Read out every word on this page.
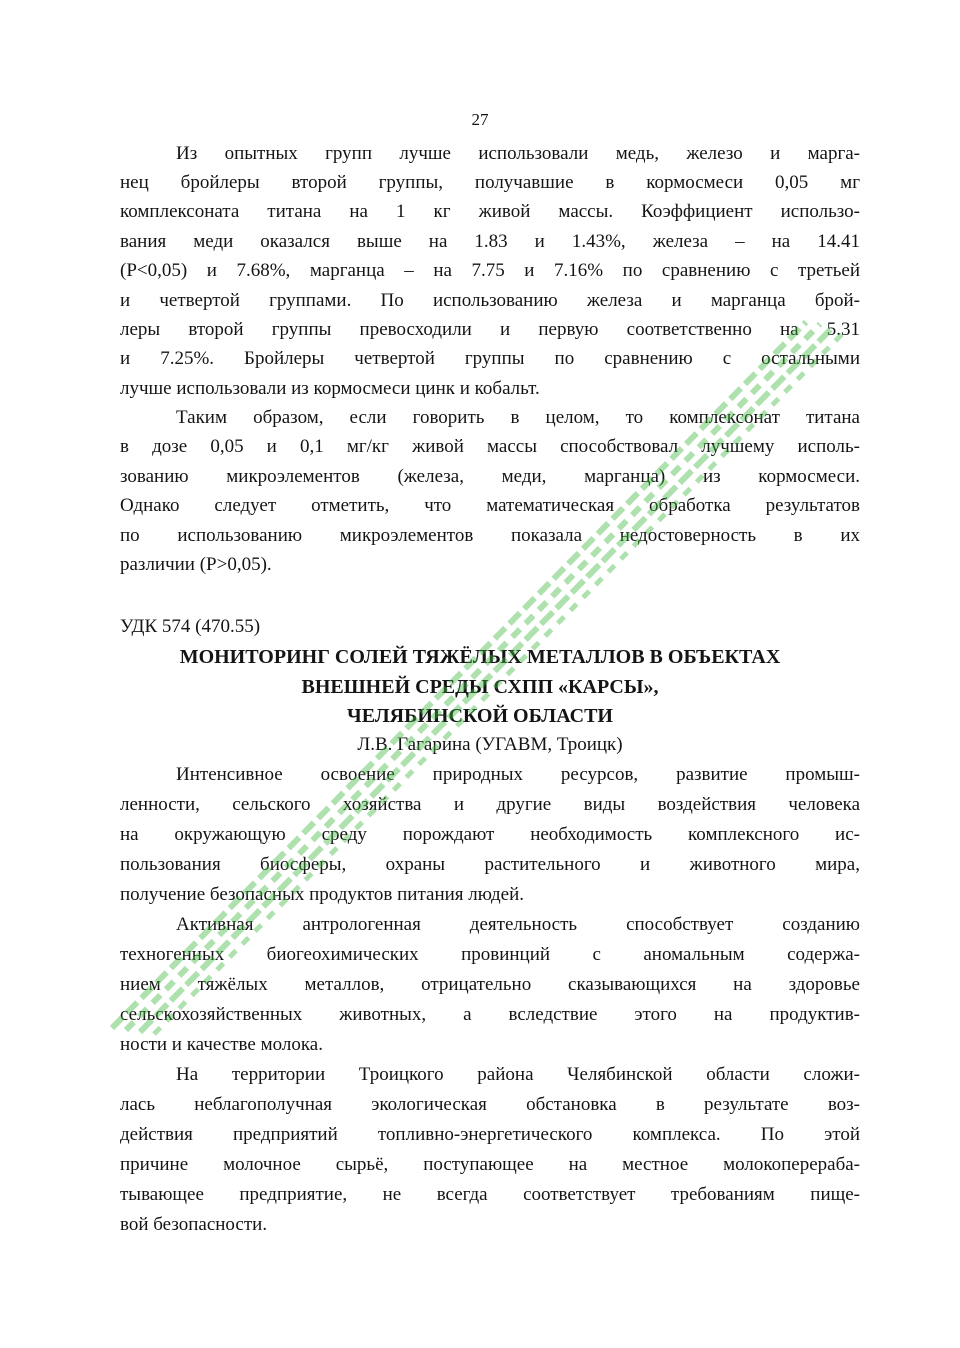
27
Из опытных групп лучше использовали медь, железо и марга-
нец бройлеры второй группы, получавшие в кормосмеси 0,05 мг
комплексоната титана на 1 кг живой массы. Коэффициент использо-
вания меди оказался выше на 1.83 и 1.43%, железа – на 14.41
(Р<0,05) и 7.68%, марганца – на 7.75 и 7.16% по сравнению с третьей
и четвертой группами. По использованию железа и марганца брой-
леры второй группы превосходили и первую соответственно на 5.31
и 7.25%. Бройлеры четвертой группы по сравнению с остальными
лучше использовали из кормосмеси цинк и кобальт.
Таким образом, если говорить в целом, то комплексонат титана
в дозе 0,05 и 0,1 мг/кг живой массы способствовал лучшему исполь-
зованию микроэлементов (железа, меди, марганца) из кормосмеси.
Однако следует отметить, что математическая обработка результатов
по использованию микроэлементов показала недостоверность в их
различии (Р>0,05).
УДК 574 (470.55)
МОНИТОРИНГ СОЛЕЙ ТЯЖЁЛЫХ МЕТАЛЛОВ В ОБЪЕКТАХ
ВНЕШНЕЙ СРЕДЫ СХПП «КАРСЫ»,
ЧЕЛЯБИНСКОЙ ОБЛАСТИ
Л.В. Гагарина (УГАВМ, Троицк)
Интенсивное освоение природных ресурсов, развитие промыш-
ленности, сельского хозяйства и другие виды воздействия человека
на окружающую среду порождают необходимость комплексного ис-
пользования биосферы, охраны растительного и животного мира,
получение безопасных продуктов питания людей.
Активная антрологенная деятельность способствует созданию
техногенных биогеохимических провинций с аномальным содержа-
нием тяжёлых металлов, отрицательно сказывающихся на здоровье
сельскохозяйственных животных, а вследствие этого на продуктив-
ности и качестве молока.
На территории Троицкого района Челябинской области сложи-
лась неблагополучная экологическая обстановка в результате воз-
действия предприятий топливно-энергетического комплекса. По этой
причине молочное сырьё, поступающее на местное молокоперераба-
тывающее предприятие, не всегда соответствует требованиям пище-
вой безопасности.
